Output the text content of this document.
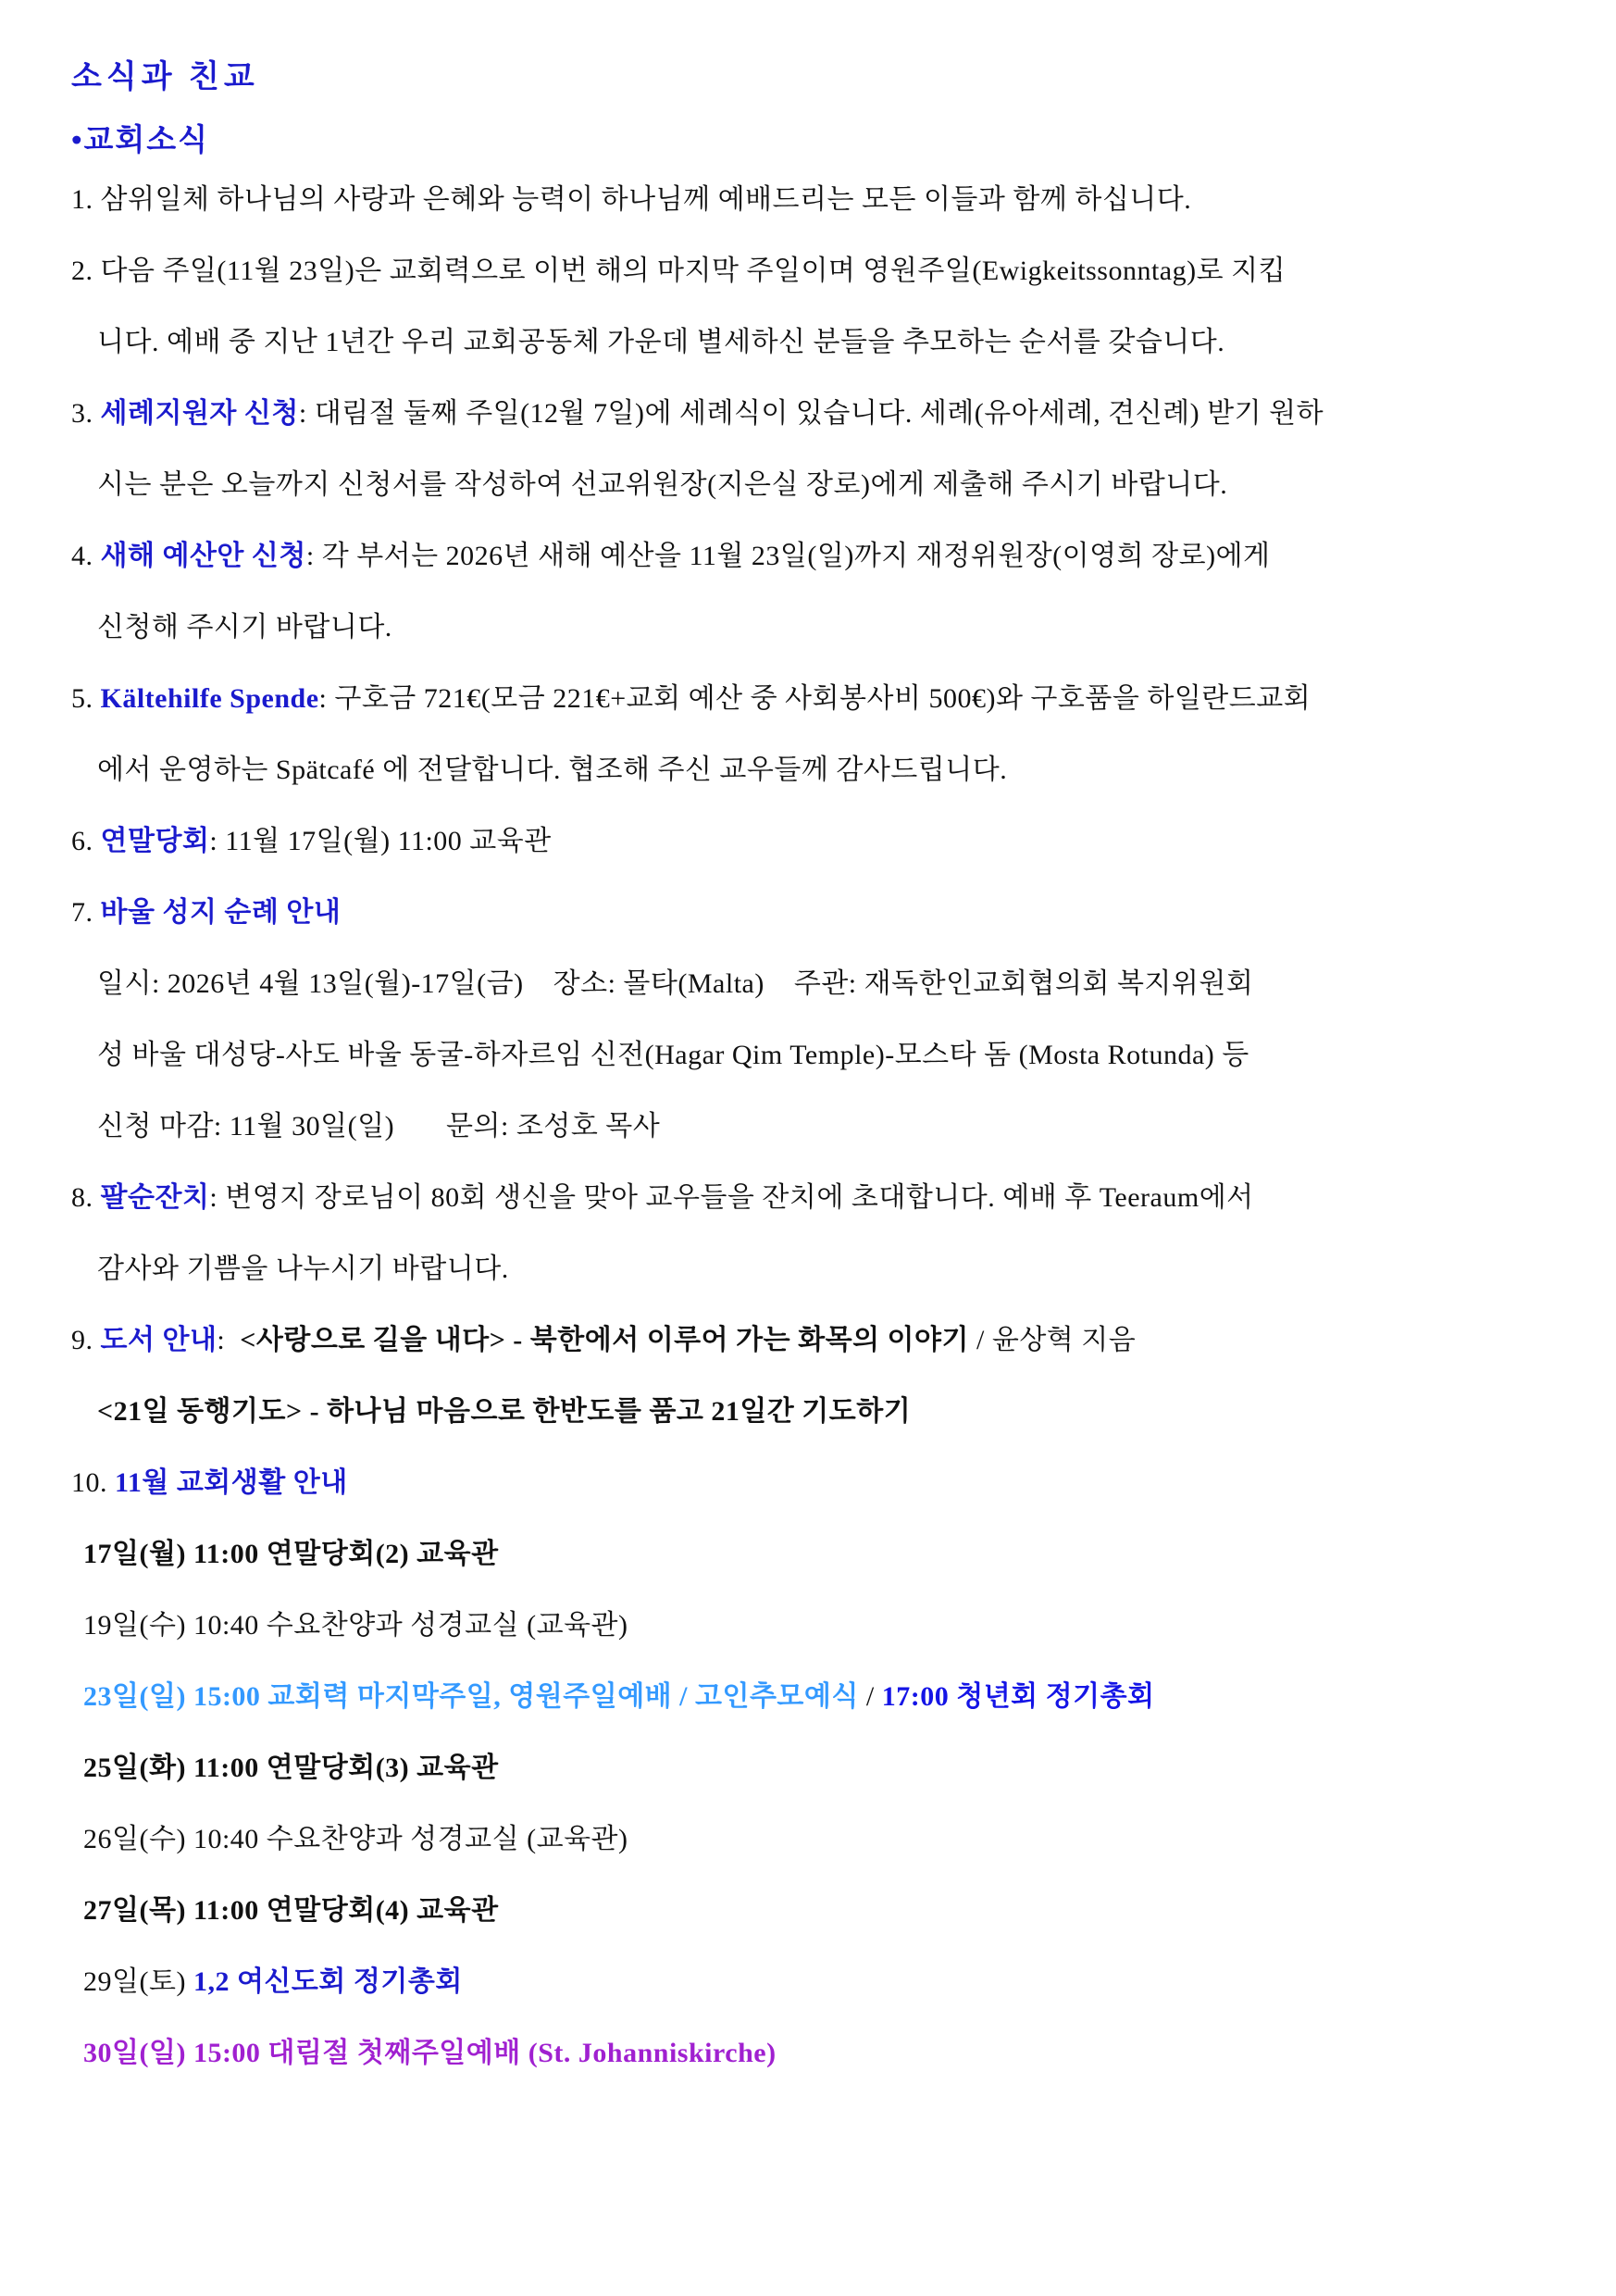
소식과 친교
•교회소식

1. 삼위일체 하나님의 사랑과 은혜와 능력이 하나님께 예배드리는 모든 이들과 함께 하십니다.

2. 다음 주일(11월 23일)은 교회력으로 이번 해의 마지막 주일이며 영원주일(Ewigkeitssonntag)로 지킵

니다. 예배 중 지난 1년간 우리 교회공동체 가운데 별세하신 분들을 추모하는 순서를 갖습니다.

3. 세례지원자 신청: 대림절 둘째 주일(12월 7일)에 세례식이 있습니다. 세례(유아세례, 견신례) 받기 원하

시는 분은 오늘까지 신청서를 작성하여 선교위원장(지은실 장로)에게 제출해 주시기 바랍니다.

4. 새해 예산안 신청: 각 부서는 2026년 새해 예산을 11월 23일(일)까지 재정위원장(이영희 장로)에게

신청해 주시기 바랍니다.

5. Kältehilfe Spende: 구호금 721€(모금 221€+교회 예산 중 사회봉사비 500€)와 구호품을 하일란드교회

에서 운영하는 Spätcafé 에 전달합니다. 협조해 주신 교우들께 감사드립니다.

6. 연말당회: 11월 17일(월) 11:00 교육관

7. 바울 성지 순례 안내

일시: 2026년 4월 13일(월)-17일(금)    장소: 몰타(Malta)    주관: 재독한인교회협의회 복지위원회

성 바울 대성당-사도 바울 동굴-하자르임 신전(Hagar Qim Temple)-모스타 돔 (Mosta Rotunda) 등

신청 마감: 11월 30일(일)       문의: 조성호 목사

8. 팔순잔치: 변영지 장로님이 80회 생신을 맞아 교우들을 잔치에 초대합니다. 예배 후 Teeraum에서

감사와 기쁨을 나누시기 바랍니다.

9. 도서 안내:  <사랑으로 길을 내다> - 북한에서 이루어 가는 화목의 이야기 / 윤상혁 지음

<21일 동행기도> - 하나님 마음으로 한반도를 품고 21일간 기도하기

10. 11월 교회생활 안내

17일(월) 11:00 연말당회(2) 교육관

19일(수) 10:40 수요찬양과 성경교실 (교육관)

23일(일) 15:00 교회력 마지막주일, 영원주일예배 / 고인추모예식 / 17:00 청년회 정기총회

25일(화) 11:00 연말당회(3) 교육관

26일(수) 10:40 수요찬양과 성경교실 (교육관)

27일(목) 11:00 연말당회(4) 교육관

29일(토) 1,2 여신도회 정기총회

30일(일) 15:00 대림절 첫째주일예배 (St. Johanniskirche)
